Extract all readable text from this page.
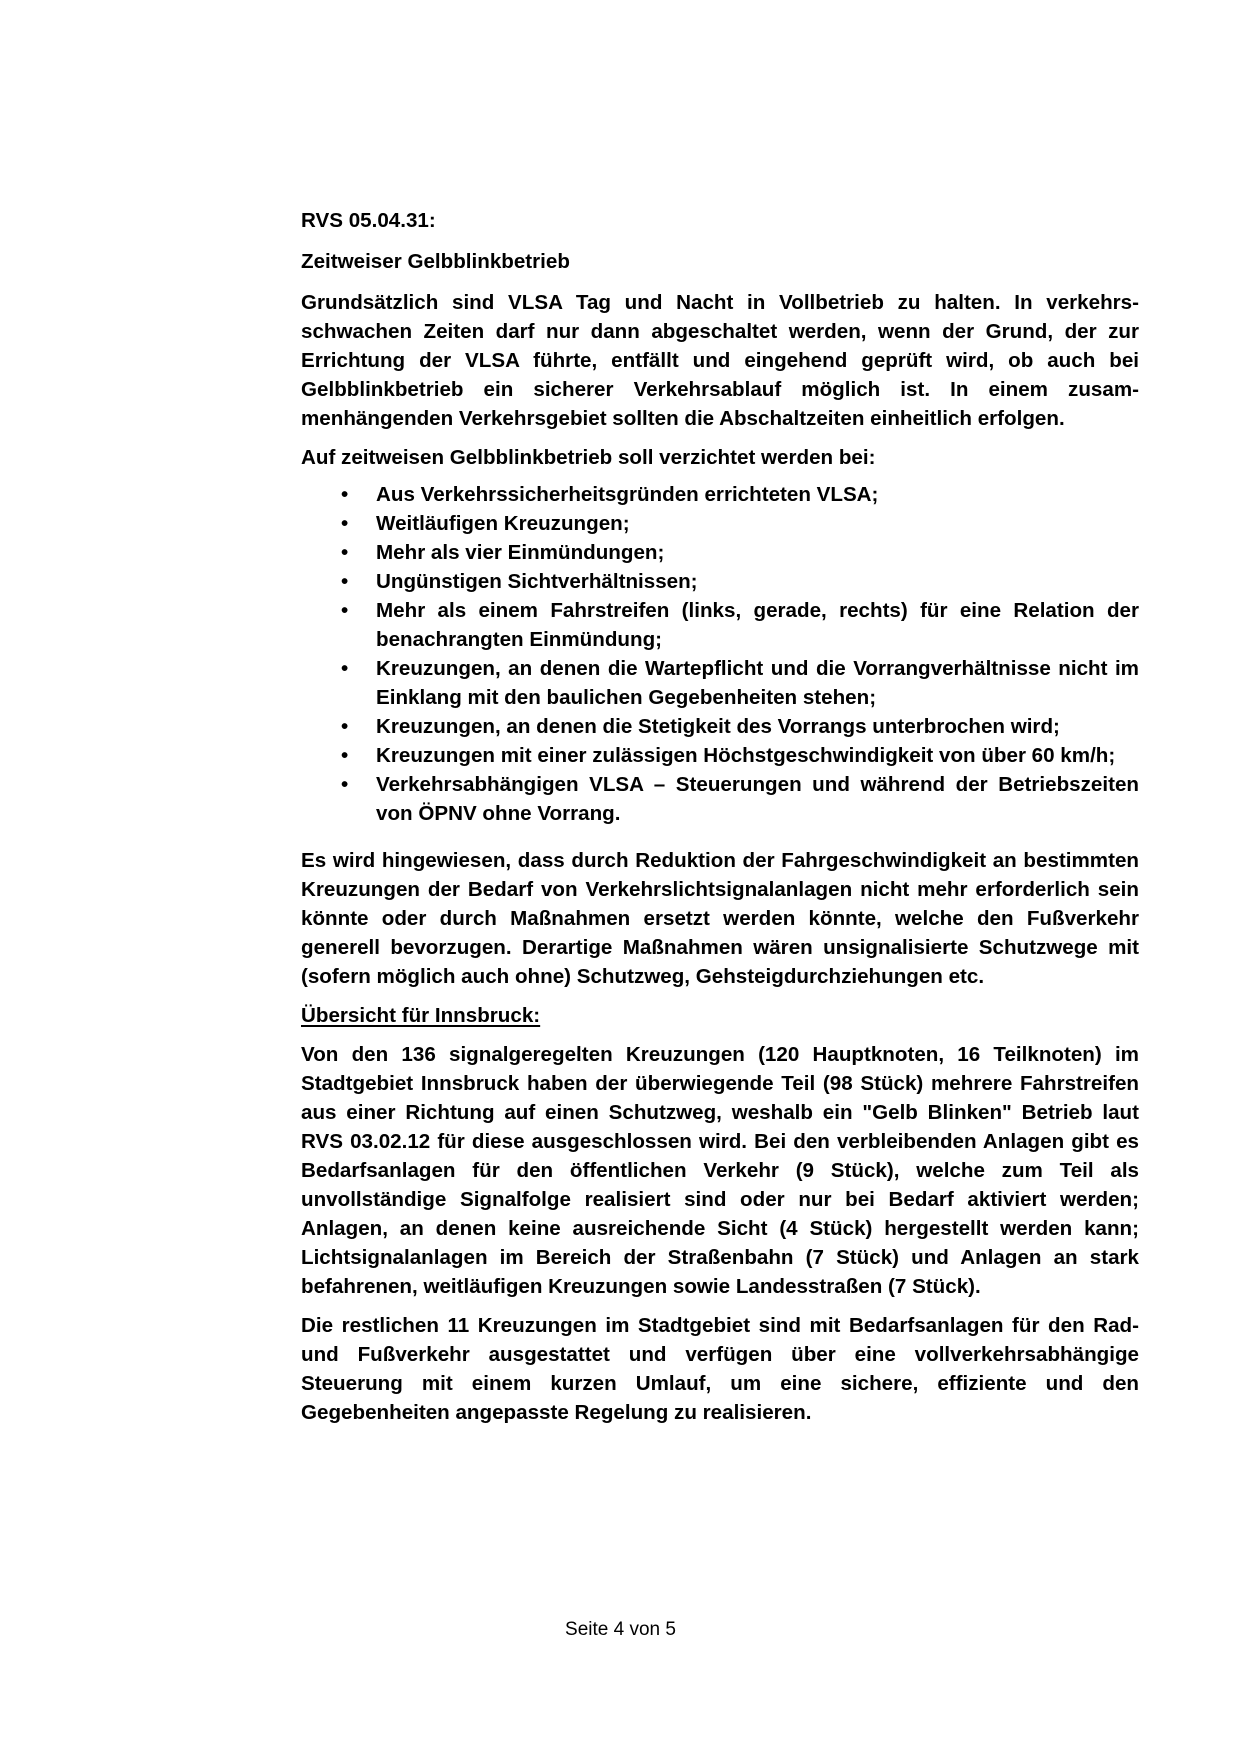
RVS 05.04.31:
Zeitweiser Gelbblinkbetrieb

Grundsätzlich sind VLSA Tag und Nacht in Vollbetrieb zu halten. In verkehrsschwachen Zeiten darf nur dann abgeschaltet werden, wenn der Grund, der zur Errichtung der VLSA führte, entfällt und eingehend geprüft wird, ob auch bei Gelbblinkbetrieb ein sicherer Verkehrsablauf möglich ist. In einem zusammenhängenden Verkehrsgebiet sollten die Abschaltzeiten einheitlich erfolgen.

Auf zeitweisen Gelbblinkbetrieb soll verzichtet werden bei:

• Aus Verkehrssicherheitsgründen errichteten VLSA;
• Weitläufigen Kreuzungen;
• Mehr als vier Einmündungen;
• Ungünstigen Sichtverhältnissen;
• Mehr als einem Fahrstreifen (links, gerade, rechts) für eine Relation der benachrangten Einmündung;
• Kreuzungen, an denen die Wartepflicht und die Vorrangverhältnisse nicht im Einklang mit den baulichen Gegebenheiten stehen;
• Kreuzungen, an denen die Stetigkeit des Vorrangs unterbrochen wird;
• Kreuzungen mit einer zulässigen Höchstgeschwindigkeit von über 60 km/h;
• Verkehrsabhängigen VLSA – Steuerungen und während der Betriebszeiten von ÖPNV ohne Vorrang.

Es wird hingewiesen, dass durch Reduktion der Fahrgeschwindigkeit an bestimmten Kreuzungen der Bedarf von Verkehrslichtsignalanlagen nicht mehr erforderlich sein könnte oder durch Maßnahmen ersetzt werden könnte, welche den Fußverkehr generell bevorzugen. Derartige Maßnahmen wären unsignalisierte Schutzwege mit (sofern möglich auch ohne) Schutzweg, Gehsteigdurchziehungen etc.

Übersicht für Innsbruck:

Von den 136 signalgeregelten Kreuzungen (120 Hauptknoten, 16 Teilknoten) im Stadtgebiet Innsbruck haben der überwiegende Teil (98 Stück) mehrere Fahrstreifen aus einer Richtung auf einen Schutzweg, weshalb ein "Gelb Blinken" Betrieb laut RVS 03.02.12 für diese ausgeschlossen wird. Bei den verbleibenden Anlagen gibt es Bedarfsanlagen für den öffentlichen Verkehr (9 Stück), welche zum Teil als unvollständige Signalfolge realisiert sind oder nur bei Bedarf aktiviert werden; Anlagen, an denen keine ausreichende Sicht (4 Stück) hergestellt werden kann; Lichtsignalanlagen im Bereich der Straßenbahn (7 Stück) und Anlagen an stark befahrenen, weitläufigen Kreuzungen sowie Landesstraßen (7 Stück).

Die restlichen 11 Kreuzungen im Stadtgebiet sind mit Bedarfsanlagen für den Rad- und Fußverkehr ausgestattet und verfügen über eine vollverkehrsabhängige Steuerung mit einem kurzen Umlauf, um eine sichere, effiziente und den Gegebenheiten angepasste Regelung zu realisieren.

Seite 4 von 5
